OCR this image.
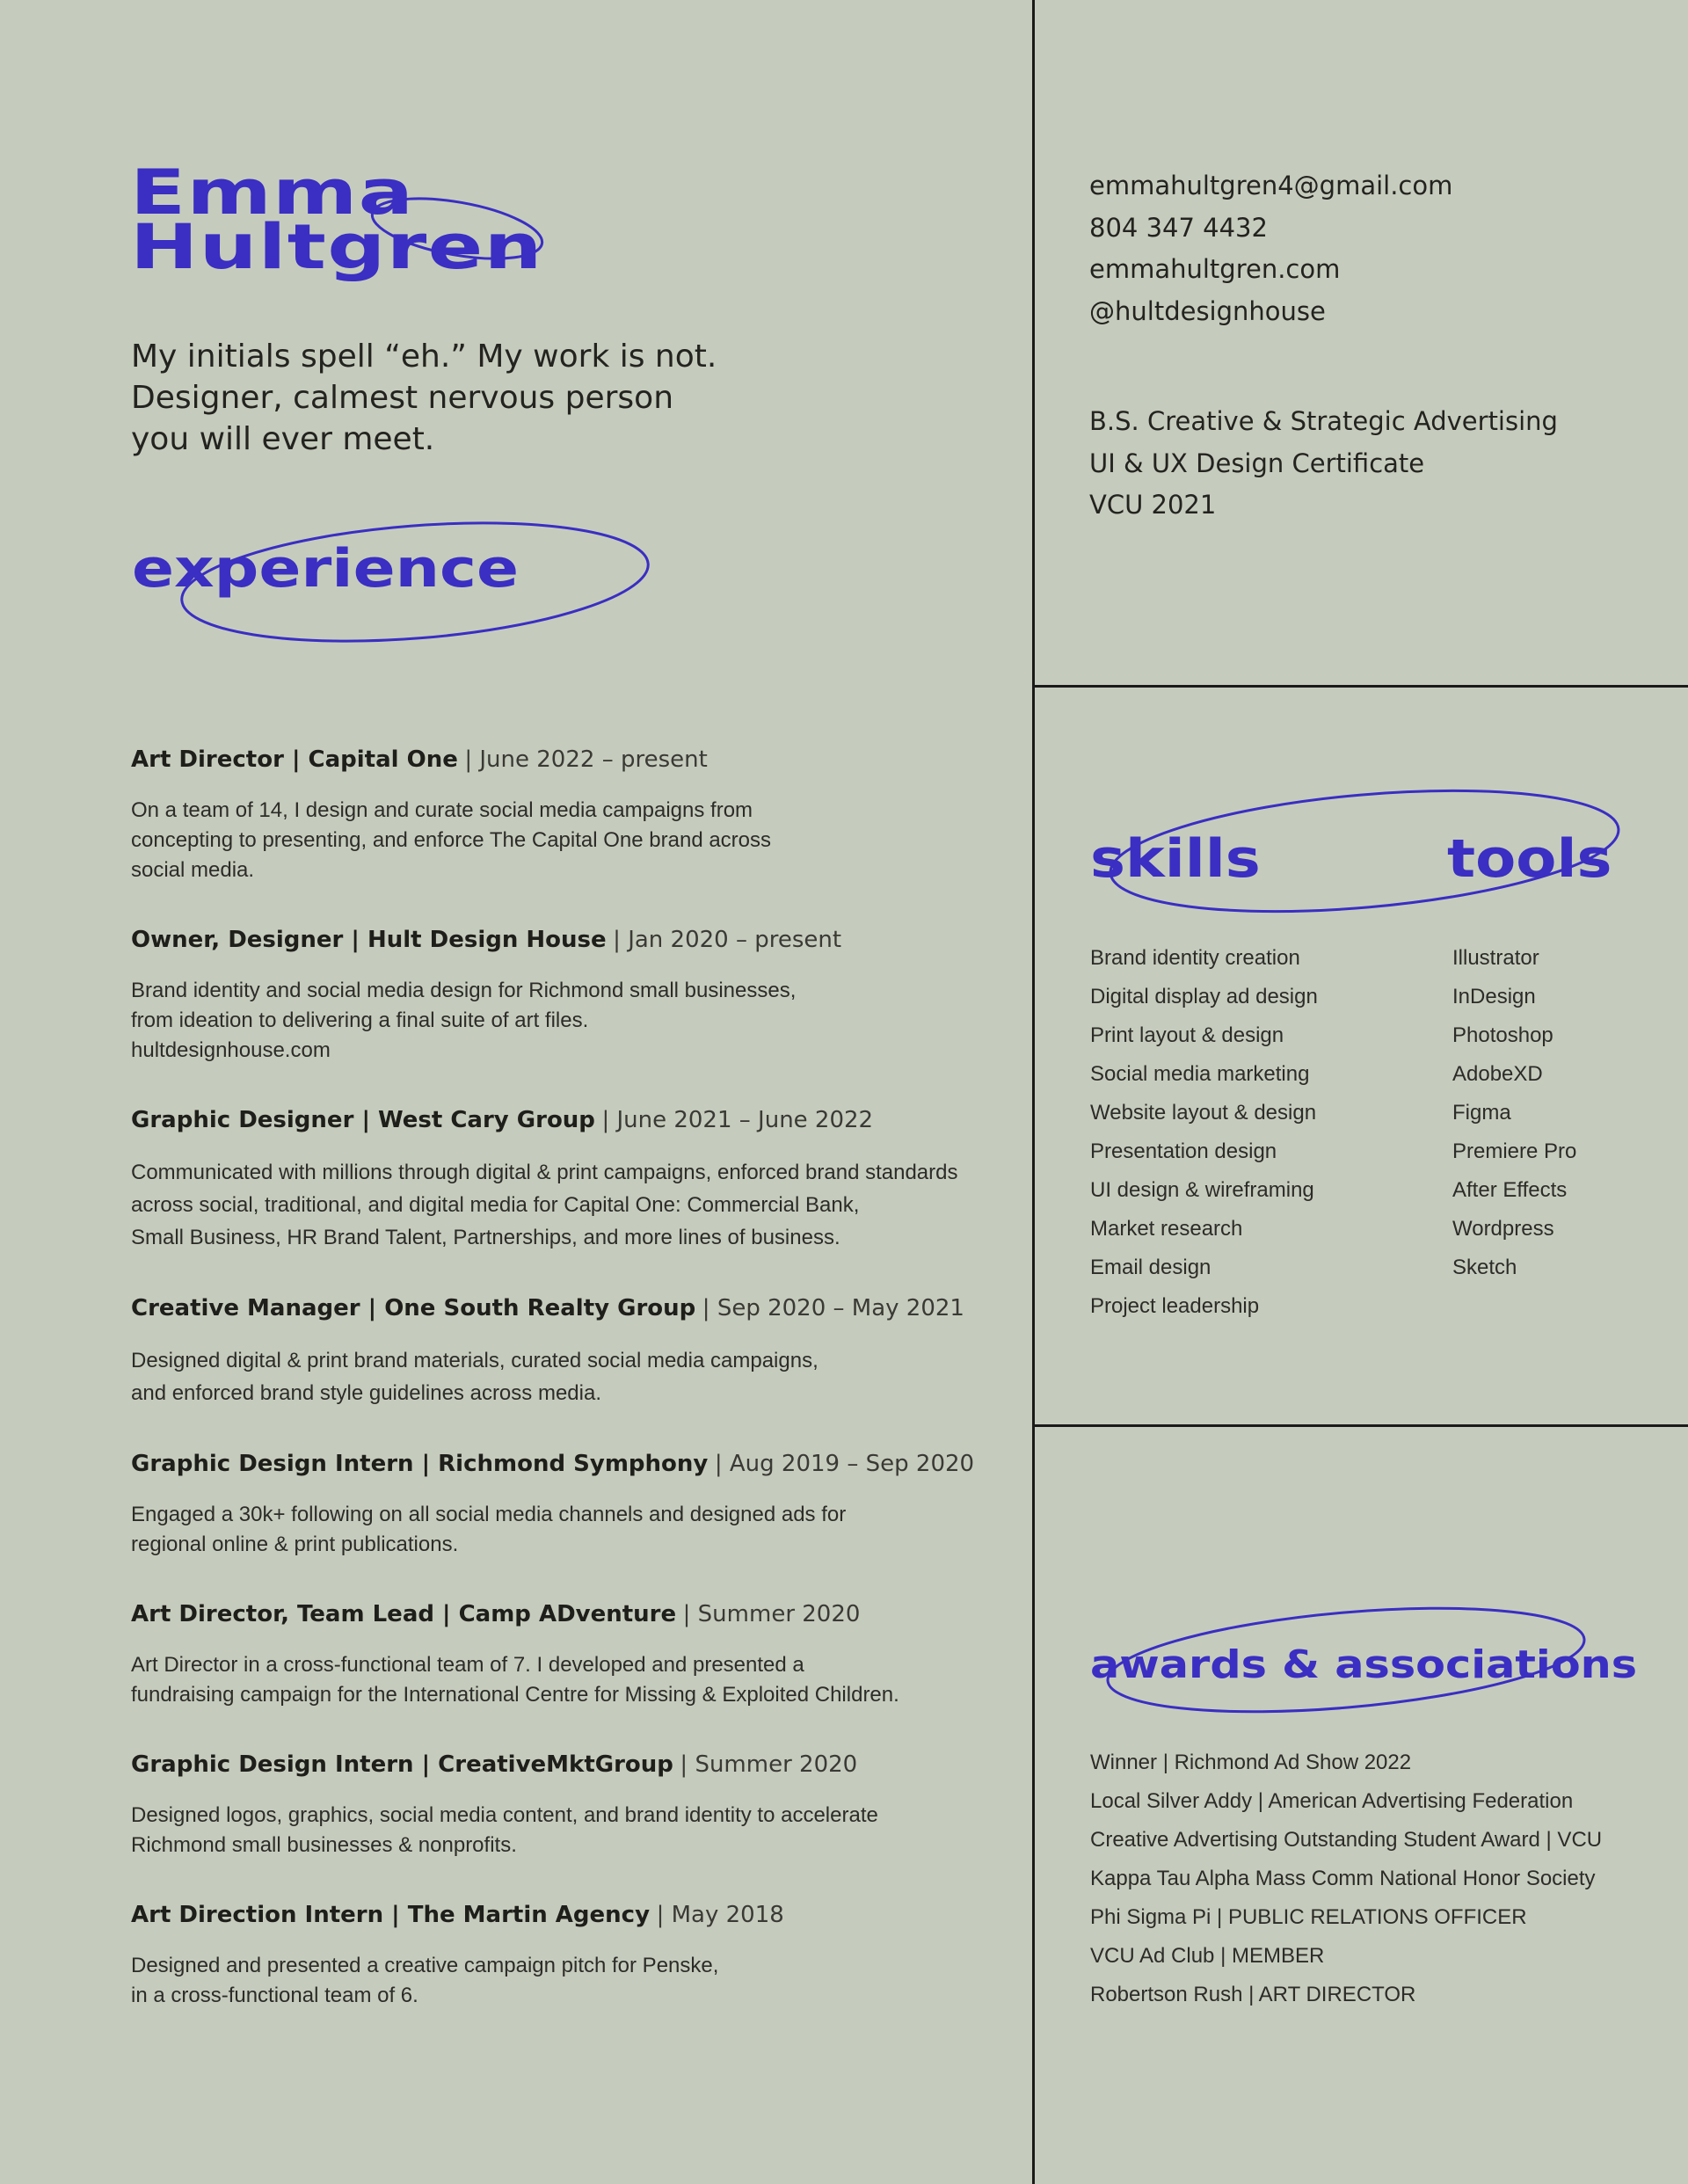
Emma
Hultgren

My initials spell “eh.” My work is not.
Designer, calmest nervous person
you will ever meet.

experience

Art Director | Capital One | June 2022 – present

On a team of 14, I design and curate social media campaigns from
concepting to presenting, and enforce The Capital One brand across
social media.

Owner, Designer | Hult Design House | Jan 2020 – present

Brand identity and social media design for Richmond small businesses,
from ideation to delivering a final suite of art files.
hultdesignhouse.com

Graphic Designer | West Cary Group | June 2021 – June 2022

Communicated with millions through digital & print campaigns, enforced brand standards
across social, traditional, and digital media for Capital One: Commercial Bank,
Small Business, HR Brand Talent, Partnerships, and more lines of business.

Creative Manager | One South Realty Group | Sep 2020 – May 2021

Designed digital & print brand materials, curated social media campaigns,
and enforced brand style guidelines across media.

Graphic Design Intern | Richmond Symphony | Aug 2019 – Sep 2020

Engaged a 30k+ following on all social media channels and designed ads for
regional online & print publications.

Art Director, Team Lead | Camp ADventure | Summer 2020

Art Director in a cross-functional team of 7. I developed and presented a
fundraising campaign for the International Centre for Missing & Exploited Children.

Graphic Design Intern | CreativeMktGroup | Summer 2020

Designed logos, graphics, social media content, and brand identity to accelerate
Richmond small businesses & nonprofits.

Art Direction Intern | The Martin Agency | May 2018

Designed and presented a creative campaign pitch for Penske,
in a cross-functional team of 6.

emmahultgren4@gmail.com
804 347 4432
emmahultgren.com
@hultdesignhouse
B.S. Creative & Strategic Advertising
UI & UX Design Certificate
VCU 2021
skills	tools
Brand identity creation
Digital display ad design
Print layout & design
Social media marketing
Website layout & design
Presentation design
UI design & wireframing
Market research
Email design
Project leadership
Illustrator
InDesign
Photoshop
AdobeXD
Figma
Premiere Pro
After Effects
Wordpress
Sketch
awards & associations
Winner | Richmond Ad Show 2022
Local Silver Addy | American Advertising Federation
Creative Advertising Outstanding Student Award | VCU
Kappa Tau Alpha Mass Comm National Honor Society
Phi Sigma Pi | PUBLIC RELATIONS OFFICER
VCU Ad Club | MEMBER
Robertson Rush | ART DIRECTOR
